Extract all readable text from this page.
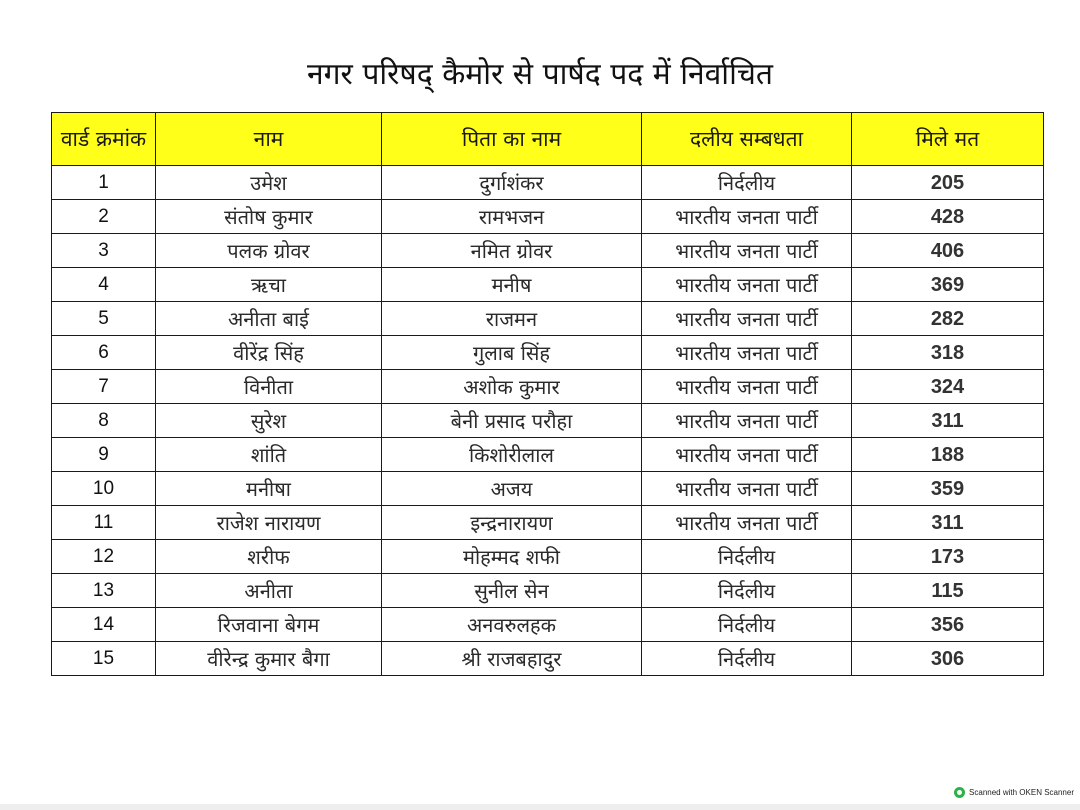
नगर परिषद् कैमोर से पार्षद पद में निर्वाचित
वार्ड क्रमांक	नाम	पिता का नाम	दलीय सम्बधता	मिले मत
1	उमेश	दुर्गाशंकर	निर्दलीय	205
2	संतोष कुमार	रामभजन	भारतीय जनता पार्टी	428
3	पलक ग्रोवर	नमित ग्रोवर	भारतीय जनता पार्टी	406
4	ऋचा	मनीष	भारतीय जनता पार्टी	369
5	अनीता बाई	राजमन	भारतीय जनता पार्टी	282
6	वीरेंद्र सिंह	गुलाब सिंह	भारतीय जनता पार्टी	318
7	विनीता	अशोक कुमार	भारतीय जनता पार्टी	324
8	सुरेश	बेनी प्रसाद परौहा	भारतीय जनता पार्टी	311
9	शांति	किशोरीलाल	भारतीय जनता पार्टी	188
10	मनीषा	अजय	भारतीय जनता पार्टी	359
11	राजेश नारायण	इन्द्रनारायण	भारतीय जनता पार्टी	311
12	शरीफ	मोहम्मद शफी	निर्दलीय	173
13	अनीता	सुनील सेन	निर्दलीय	115
14	रिजवाना बेगम	अनवरुलहक	निर्दलीय	356
15	वीरेन्द्र कुमार बैगा	श्री राजबहादुर	निर्दलीय	306
Scanned with OKEN Scanner
